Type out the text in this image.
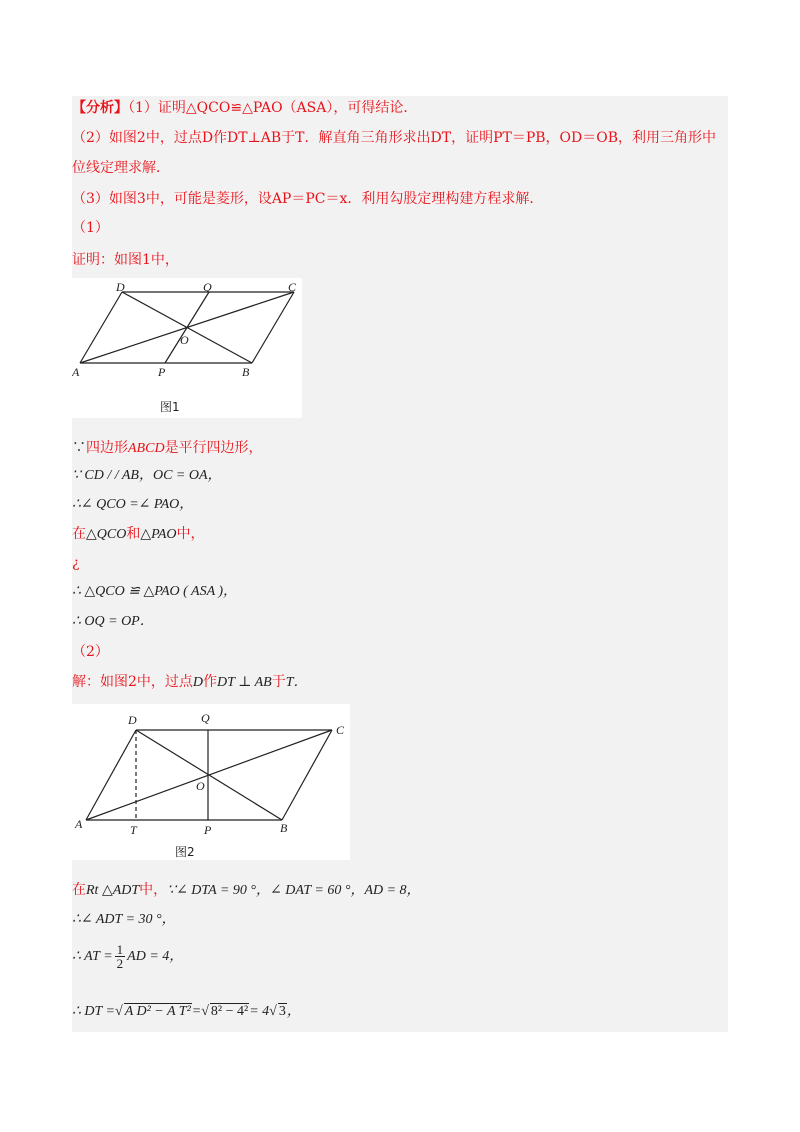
【分析】（1）证明△QCO≌△PAO（ASA），可得结论．
（2）如图2中，过点D作DT⊥AB于T．解直角三角形求出DT，证明PT＝PB，OD＝OB，利用三角形中
位线定理求解．
（3）如图3中，可能是菱形，设AP＝PC＝x．利用勾股定理构建方程求解．
（1）
证明：如图1中，
D	Q	C
O
A	P	B
图1
∵四边形ABCD是平行四边形，
∵ CD / / AB，OC = OA，
∴∠ QCO =∠ PAO，
在△QCO和△PAO中，
¿
∴ △QCO ≌ △PAO ( ASA )，
∴ OQ = OP．
（2）
解：如图2中，过点D作DT ⊥ AB于T．
D	Q
C
O
A	T	P	B
图2
在Rt △ADT中，∵∠ DTA = 90 °，∠ DAT = 60 °，AD = 8，
∴∠ ADT = 30 °，
∴ AT = $\frac{1}{2}$ AD = 4，
∴ DT =√ A D² − A T²=√ 8² − 4²= 4√ 3，
